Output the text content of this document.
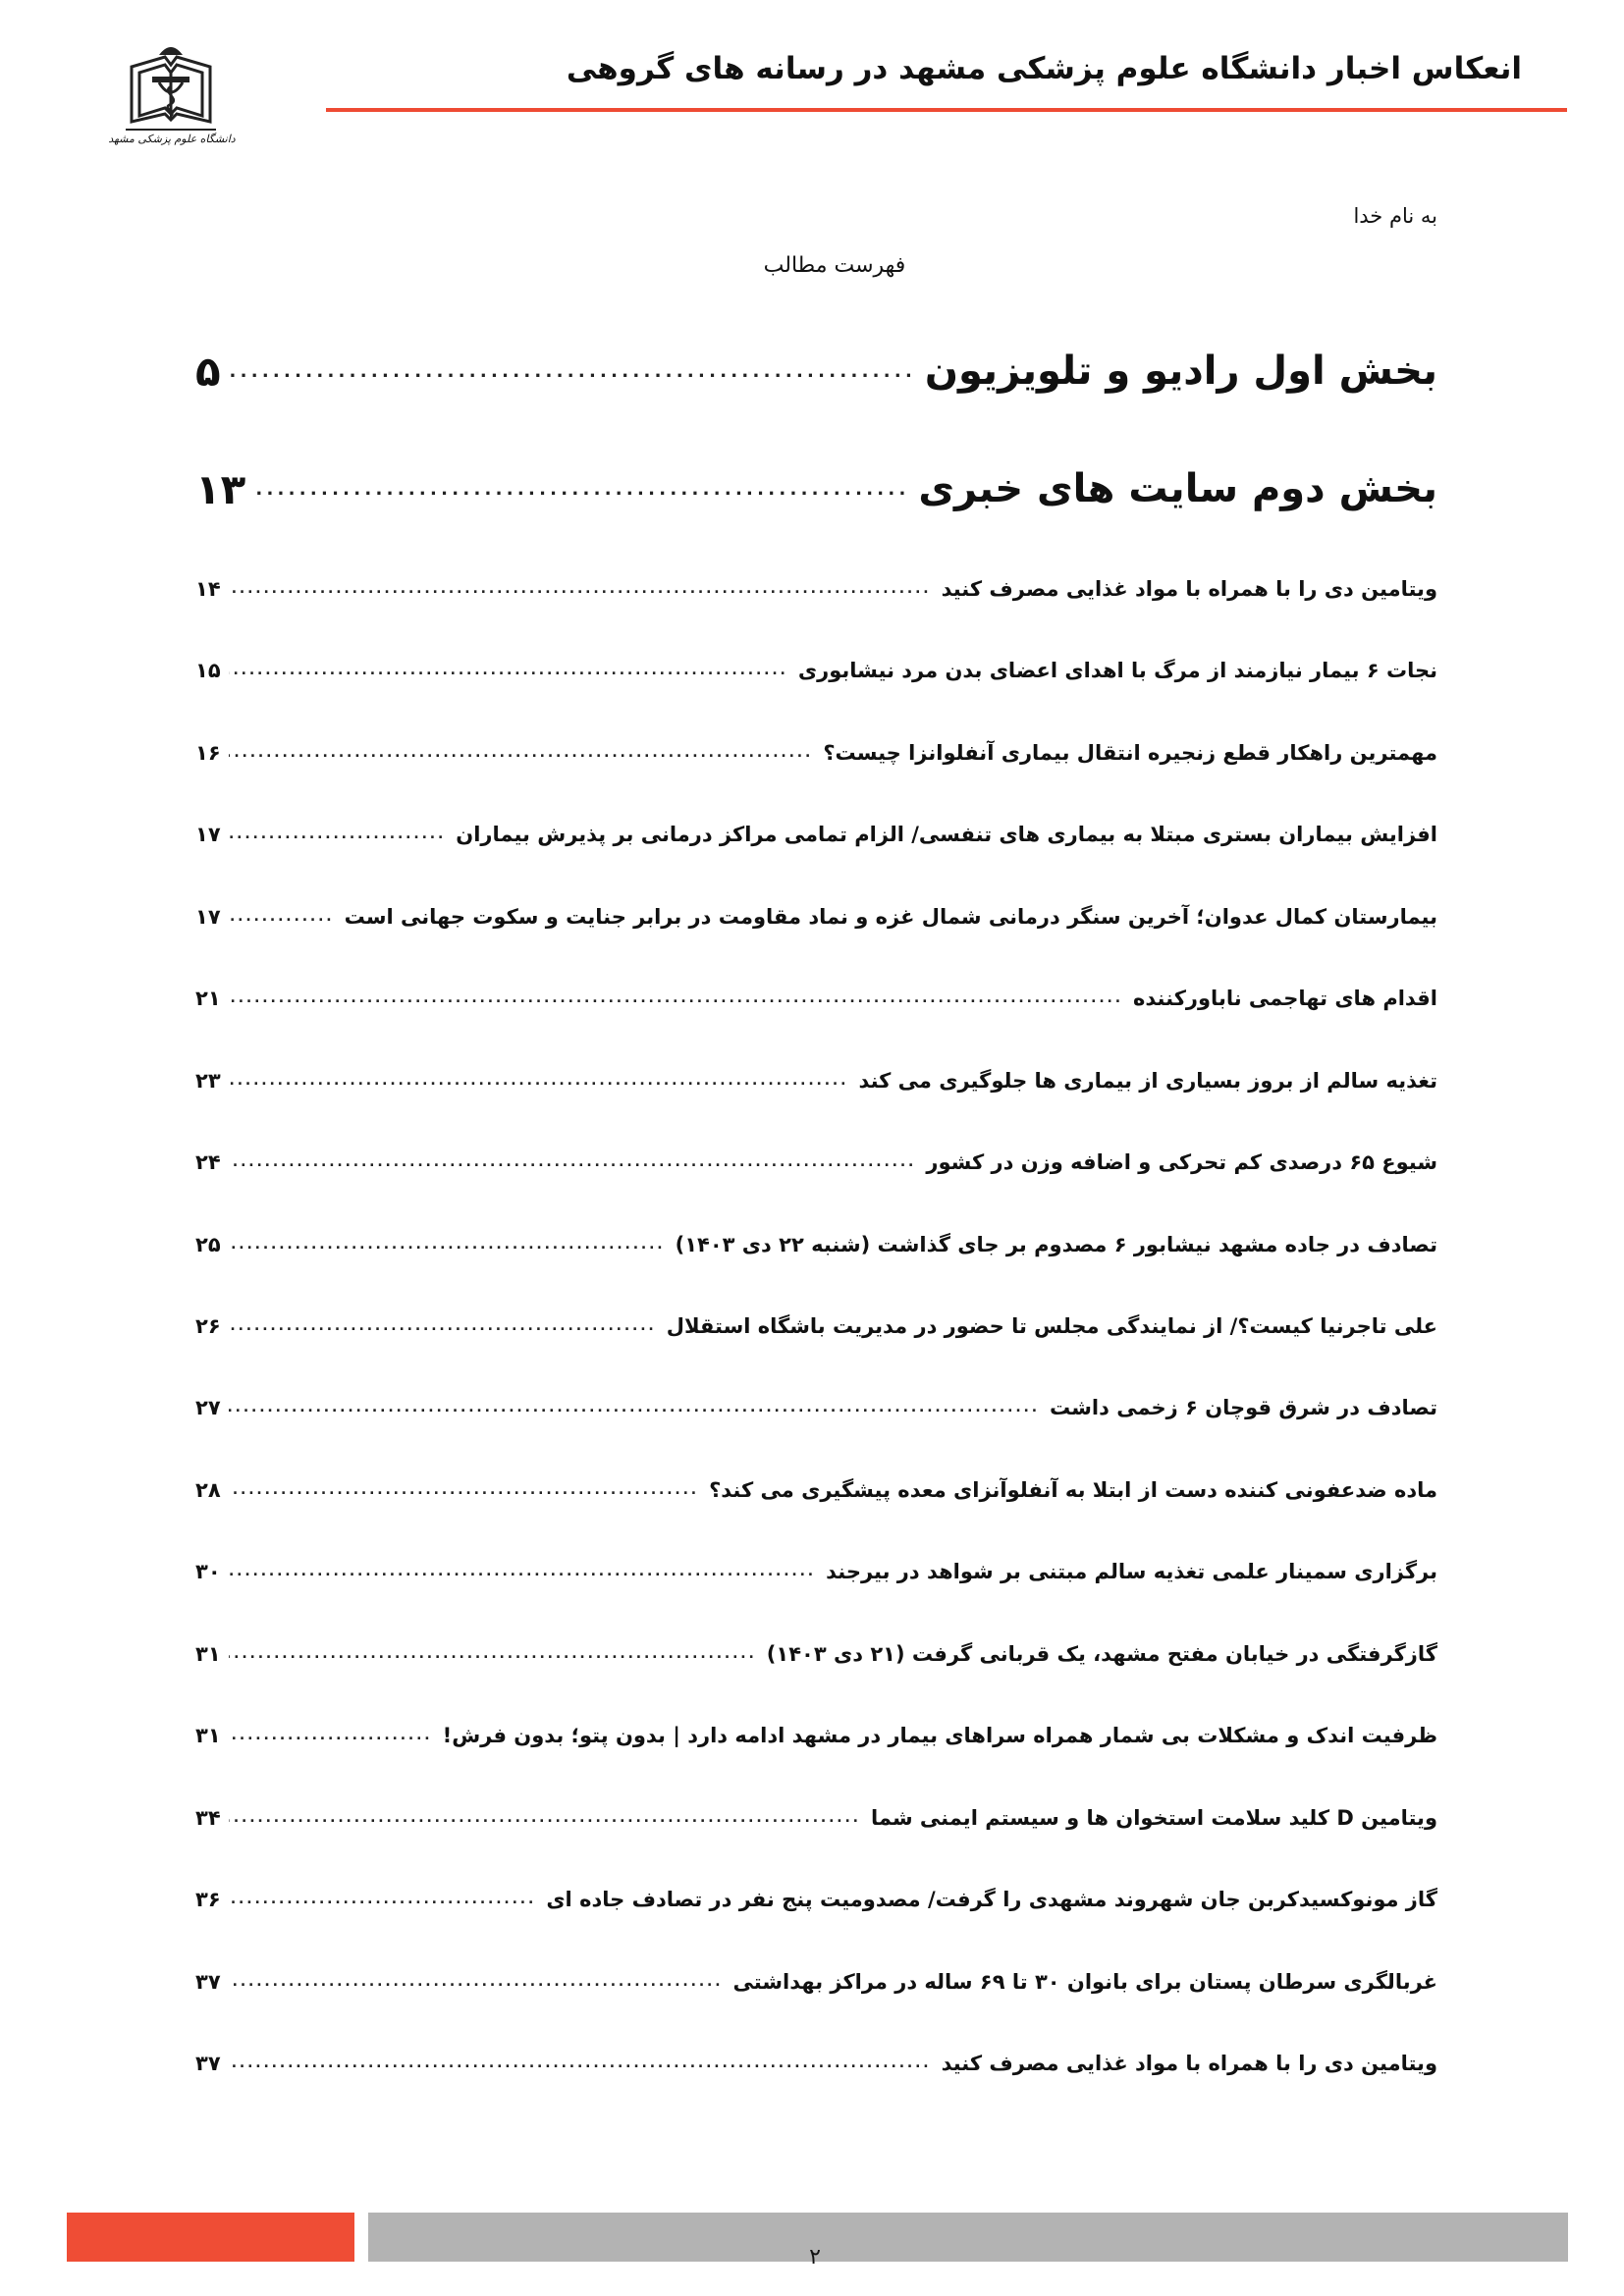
انعکاس اخبار دانشگاه علوم پزشکی مشهد در رسانه های گروهی
دانشگاه علوم پزشکی مشهد
به نام خدا
فهرست مطالب
بخش اول رادیو و تلویزیون
. . .
۵
بخش دوم سایت های خبری
. . .
۱۳
ویتامین دی را با همراه با مواد غذایی مصرف کنید
. . .
۱۴
نجات ۶ بیمار نیازمند از مرگ با اهدای اعضای بدن مرد نیشابوری
. . .
۱۵
مهمترین راهکار قطع زنجیره انتقال بیماری آنفلوانزا چیست؟
. . .
۱۶
افزایش بیماران بستری مبتلا به بیماری های تنفسی/ الزام تمامی مراکز درمانی بر پذیرش بیماران
. . .
۱۷
بیمارستان کمال عدوان؛ آخرین سنگر درمانی شمال غزه و نماد مقاومت در برابر جنایت و سکوت جهانی است
. . .
۱۷
اقدام های تهاجمی ناباورکننده
. . .
۲۱
تغذیه سالم از بروز بسیاری از بیماری ها جلوگیری می کند
. . .
۲۳
شیوع ۶۵ درصدی کم تحرکی و اضافه وزن در کشور
. . .
۲۴
تصادف در جاده مشهد نیشابور ۶ مصدوم بر جای گذاشت (شنبه ۲۲ دی ۱۴۰۳)
. . .
۲۵
علی تاجرنیا کیست؟/ از نمایندگی مجلس تا حضور در مدیریت باشگاه استقلال
. . .
۲۶
تصادف در شرق قوچان ۶ زخمی داشت
. . .
۲۷
ماده ضدعفونی کننده دست از ابتلا به آنفلوآنزای معده پیشگیری می کند؟
. . .
۲۸
برگزاری سمینار علمی تغذیه سالم مبتنی بر شواهد در بیرجند
. . .
۳۰
گازگرفتگی در خیابان مفتح مشهد، یک قربانی گرفت (۲۱ دی ۱۴۰۳)
. . .
۳۱
ظرفیت اندک و مشکلات بی شمار همراه سراهای بیمار در مشهد ادامه دارد | بدون پتو؛ بدون فرش!
. . .
۳۱
ویتامین D کلید سلامت استخوان ها و سیستم ایمنی شما
. . .
۳۴
گاز مونوکسیدکربن جان شهروند مشهدی را گرفت/ مصدومیت پنج نفر در تصادف جاده ای
. . .
۳۶
غربالگری سرطان پستان برای بانوان ۳۰ تا ۶۹ ساله در مراکز بهداشتی
. . .
۳۷
ویتامین دی را با همراه با مواد غذایی مصرف کنید
. . .
۳۷
۲
